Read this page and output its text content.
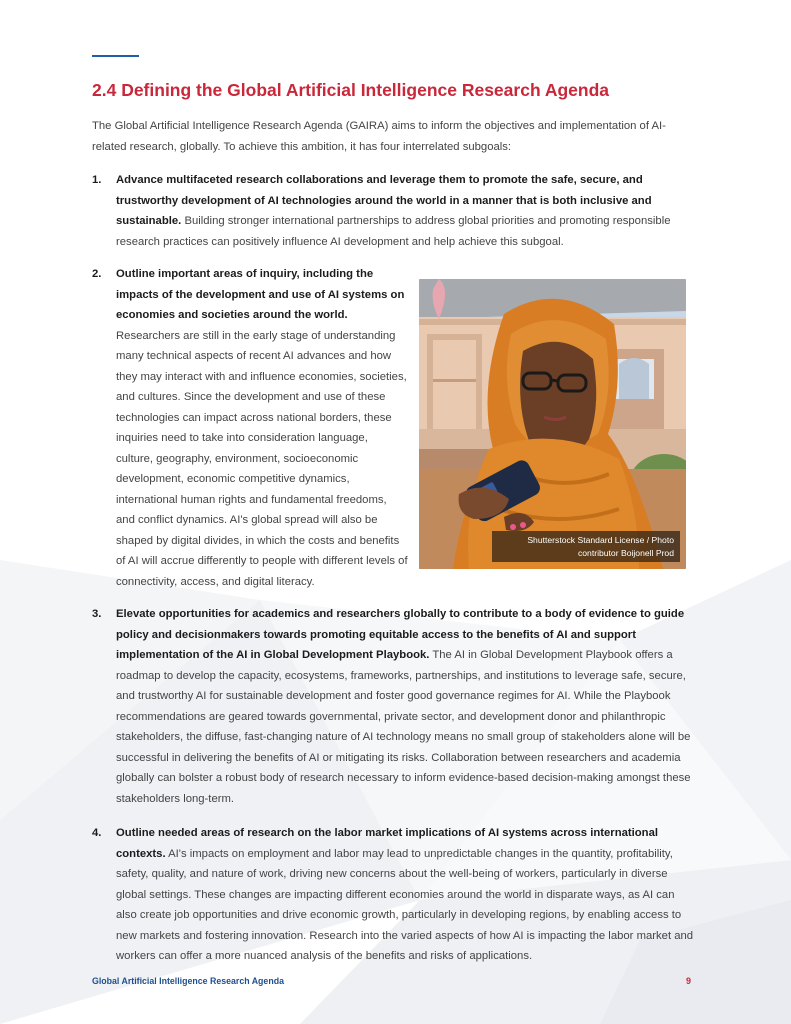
2.4 Defining the Global Artificial Intelligence Research Agenda

The Global Artificial Intelligence Research Agenda (GAIRA) aims to inform the objectives and implementation of AI-related research, globally. To achieve this ambition, it has four interrelated subgoals:

1.	Advance multifaceted research collaborations and leverage them to promote the safe, secure, and trustworthy development of AI technologies around the world in a manner that is both inclusive and sustainable. Building stronger international partnerships to address global priorities and promoting responsible research practices can positively influence AI development and help achieve this subgoal.
2.	Outline important areas of inquiry, including the impacts of the development and use of AI systems on economies and societies around the world. Researchers are still in the early stage of understanding many technical aspects of recent AI advances and how they may interact with and influence economies, societies, and cultures. Since the development and use of these technologies can impact across national borders, these inquiries need to take into consideration language, culture, geography, environment, socioeconomic development, economic competitive dynamics, international human rights and fundamental freedoms, and conflict dynamics. AI's global spread will also be shaped by digital divides, in which the costs and benefits of AI will accrue differently to people with different levels of connectivity, access, and digital literacy.
Shutterstock Standard License / Photo contributor Boijonell Prod
3.	Elevate opportunities for academics and researchers globally to contribute to a body of evidence to guide policy and decisionmakers towards promoting equitable access to the benefits of AI and support implementation of the AI in Global Development Playbook. The AI in Global Development Playbook offers a roadmap to develop the capacity, ecosystems, frameworks, partnerships, and institutions to leverage safe, secure, and trustworthy AI for sustainable development and foster good governance regimes for AI. While the Playbook recommendations are geared towards governmental, private sector, and development donor and philanthropic stakeholders, the diffuse, fast-changing nature of AI technology means no small group of stakeholders alone will be successful in delivering the benefits of AI or mitigating its risks. Collaboration between researchers and academia globally can bolster a robust body of research necessary to inform evidence-based decision-making amongst these stakeholders long-term.
4.	Outline needed areas of research on the labor market implications of AI systems across international contexts. AI's impacts on employment and labor may lead to unpredictable changes in the quantity, profitability, safety, quality, and nature of work, driving new concerns about the well-being of workers, particularly in diverse global settings. These changes are impacting different economies around the world in disparate ways, as AI can also create job opportunities and drive economic growth, particularly in developing regions, by enabling access to new markets and fostering innovation. Research into the varied aspects of how AI is impacting the labor market and workers can offer a more nuanced analysis of the benefits and risks of applications.

Global Artificial Intelligence Research Agenda	9
